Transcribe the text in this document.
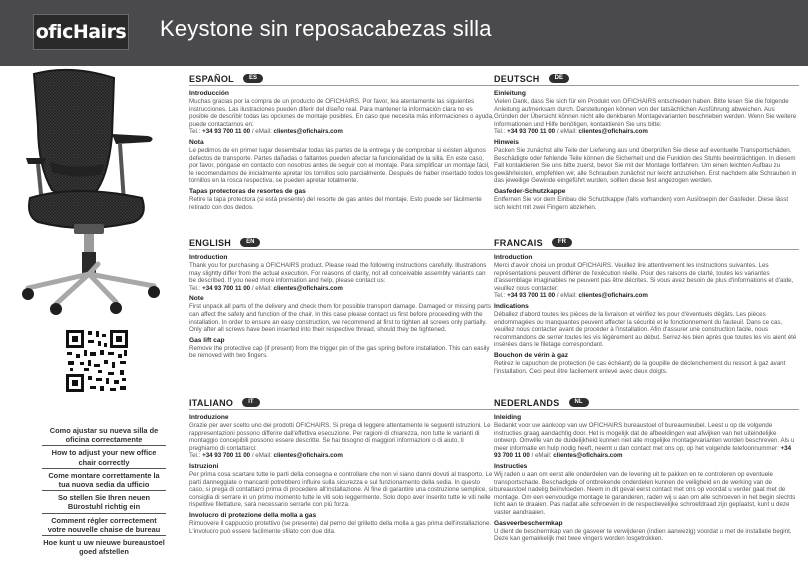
oficHairs Keystone sin reposacabezas silla
Como ajustar su nueva silla de oficina correctamente
How to adjust your new office chair correctly
Come montare correttamente la tua nuova sedia da ufficio
So stellen Sie Ihren neuen Bürostuhl richtig ein
Comment régler correctement votre nouvelle chaise de bureau
Hoe kunt u uw nieuwe bureaustoel goed afstellen
ESPAÑOL	ES
Introducción
Muchas gracias por la compra de un producto de OFICHAIRS. Por favor, lea atentamente las siguientes instrucciones. Las ilustraciones pueden diferir del diseño real. Para mantener la información clara no es posible de describir todas las opciones de montaje posibles. En caso que necesita más informaciones o ayuda, puede contactarnos en:
Tel.: +34 93 700 11 00 / eMail: clientes@ofichairs.com
Nota
Le pedimos de en primer lugar desembalar todas las partes de la entrega y de comprobar si existen algunos defectos de transporte. Partes dañadas o faltantes pueden afectar la funcionalidad de la silla. En este caso, por favor, póngase en contacto con nosotros antes de seguir con el montaje. Para simplificar un montaje fácil, le recomendamos de inicialmente apretar los tornillos solo parcialmente. Después de haber insertado todos los tornillos en la rosca respectiva, se pueden apretar totalmente.
Tapas protectoras de resortes de gas
Retire la tapa protectora (si está presente) del resorte de gas antes del montaje. Esto puede ser fácilmente retirado con dos dedos.
ENGLISH	EN
Introduction
Thank you for purchasing a OFICHAIRS product. Please read the following instructions carefully. Illustrations may slightly differ from the actual execution. For reasons of clarity, not all conceivable assembly variants can be described. If you need more information and help, please contact us:
Tel.: +34 93 700 11 00 / eMail: clientes@ofichairs.com
Note
First unpack all parts of the delivery and check them for possible transport damage. Damaged or missing parts can affect the safety and function of the chair. In this case please contact us first before proceeding with the installation. In order to ensure an easy construction, we recommend at first to tighten all screws only partially. Only after all screws have been inserted into their respective thread, should they be tightened.
Gas lift cap
Remove the protective cap (if present) from the trigger pin of the gas spring before installation. This can easily be removed with two fingers.
ITALIANO	IT
Introduzione
Grazie per aver scelto uno dei prodotti OFICHAIRS. Si prega di leggere attentamente le seguenti istruzioni. Le rappresentazioni possono differire dall'effettiva esecuzione. Per ragioni di chiarezza, non tutte le varianti di montaggio concepibili possono essere descritte. Se hai bisogno di maggiori informazioni o di aiuto, ti preghiamo di contattarci:
Tel.: +34 93 700 11 00 / eMail: clientes@ofichairs.com
Istruzioni
Per prima cosa scartare tutte le parti della consegna e controllare che non vi siano danni dovuti al trasporto. Le parti danneggiate o mancanti potrebbero influire sulla sicurezza e sul funzionamento della sedia. In questo caso, si prega di contattarci prima di procedere all'installazione. Al fine di garantire una costruzione semplice, si consiglia di serrare in un primo momento tutte le viti solo leggermente. Solo dopo aver inserito tutte le viti nelle rispettive filettature, sarà necessario serrarle con più forza.
Involucro di protezione della molla a gas
Rimuovere il cappuccio protettivo (se presente) dal perno del grilletto della molla a gas prima dell'installazione. L'involucro può essere facilmente sfilato con due dita.
DEUTSCH	DE
Einleitung
Vielen Dank, dass Sie sich für ein Produkt von OFICHAIRS entschieden haben. Bitte lesen Sie die folgende Anleitung aufmerksam durch. Darstellungen können von der tatsächlichen Ausführung abweichen. Aus Gründen der Übersicht können nicht alle denkbaren Montagevarianten beschrieben werden. Wenn Sie weitere Informationen und Hilfe benötigen, kontaktieren Sie uns bitte:
Tel.: +34 93 700 11 00 / eMail: clientes@ofichairs.com
Hinweis
Packen Sie zunächst alle Teile der Lieferung aus und überprüfen Sie diese auf eventuelle Transportschäden. Beschädigte oder fehlende Teile können die Sicherheit und die Funktion des Stuhls beeinträchtigen. In diesem Fall kontaktieren Sie uns bitte zuerst, bevor Sie mit der Montage fortfahren. Um einen leichten Aufbau zu gewährleisten, empfehlen wir, alle Schrauben zunächst nur leicht anzuziehen. Erst nachdem alle Schrauben in das jeweilige Gewinde eingeführt wurden, sollten diese fest angezogen werden.
Gasfeder-Schutzkappe
Entfernen Sie vor dem Einbau die Schutzkappe (falls vorhanden) vom Auslösepin der Gasfeder. Diese lässt sich leicht mit zwei Fingern abziehen.
FRANCAIS	FR
Introduction
Merci d'avoir choisi un produit OFICHAIRS. Veuillez lire attentivement les instructions suivantes. Les représentations peuvent différer de l'exécution réelle. Pour des raisons de clarté, toutes les variantes d'assemblage imaginables ne peuvent pas être décrites. Si vous avez besoin de plus d'informations et d'aide, veuillez nous contacter:
Tel.: +34 93 700 11 00 / eMail: clientes@ofichairs.com
Indications
Déballez d'abord toutes les pièces de la livraison et vérifiez les pour d'éventuels dégâts. Les pièces endommagées ou manquantes peuvent affecter la sécurité et le fonctionnement du fauteuil. Dans ce cas, veuillez nous contacter avant de procéder à l'installation. Afin d'assurer une construction facile, nous recommandons de serrer toutes les vis légèrement au début. Serrez-les bien après que toutes les vis aient été insérées dans le filetage correspondant.
Bouchon de vérin à gaz
Retirez le capuchon de protection (le cas échéant) de la goupille de déclenchement du ressort à gaz avant l'installation. Ceci peut être facilement enlevé avec deux doigts.
NEDERLANDS	NL
Inleiding
Bedankt voor uw aankoop van uw OFICHAIRS bureaustoel of bureaumeubel. Leest u op de volgende instructies graag aandachtig door. Het is mogelijk dat de afbeeldingen wat afwijken van het uiteindelijke ontwerp. Omwille van de duidelijkheid kunnen niet alle mogelijke montagevarianten worden beschreven. Als u meer informatie en hulp nodig heeft, neemt u dan contact met ons op, op het volgende telefoonnummer: +34 93 700 11 00 / eMail: clientes@ofichairs.com
Instructies
Wij raden u aan om eerst alle onderdelen van de levering uit te pakken en te controleren op eventuele transportschade. Beschadigde of ontbrekende onderdelen kunnen de veiligheid en de werking van de bureaustoel nadelig beïnvloeden. Neem in dit geval eerst contact met ons op voordat u verder gaat met de montage. Om een eenvoudige montage te garanderen, raden wij u aan om alle schroeven in het begin slechts licht aan te draaien. Pas nadat alle schroeven in de respectievelijke schroefdraad zijn geplaatst, kunt u deze vaster aandraaien.
Gasveerbeschermkap
U dient de beschermkap van de gasveer te verwijderen (indien aanwezig) voordat u met de installatie begint. Deze kan gemakkelijk met twee vingers worden losgetrokken.
